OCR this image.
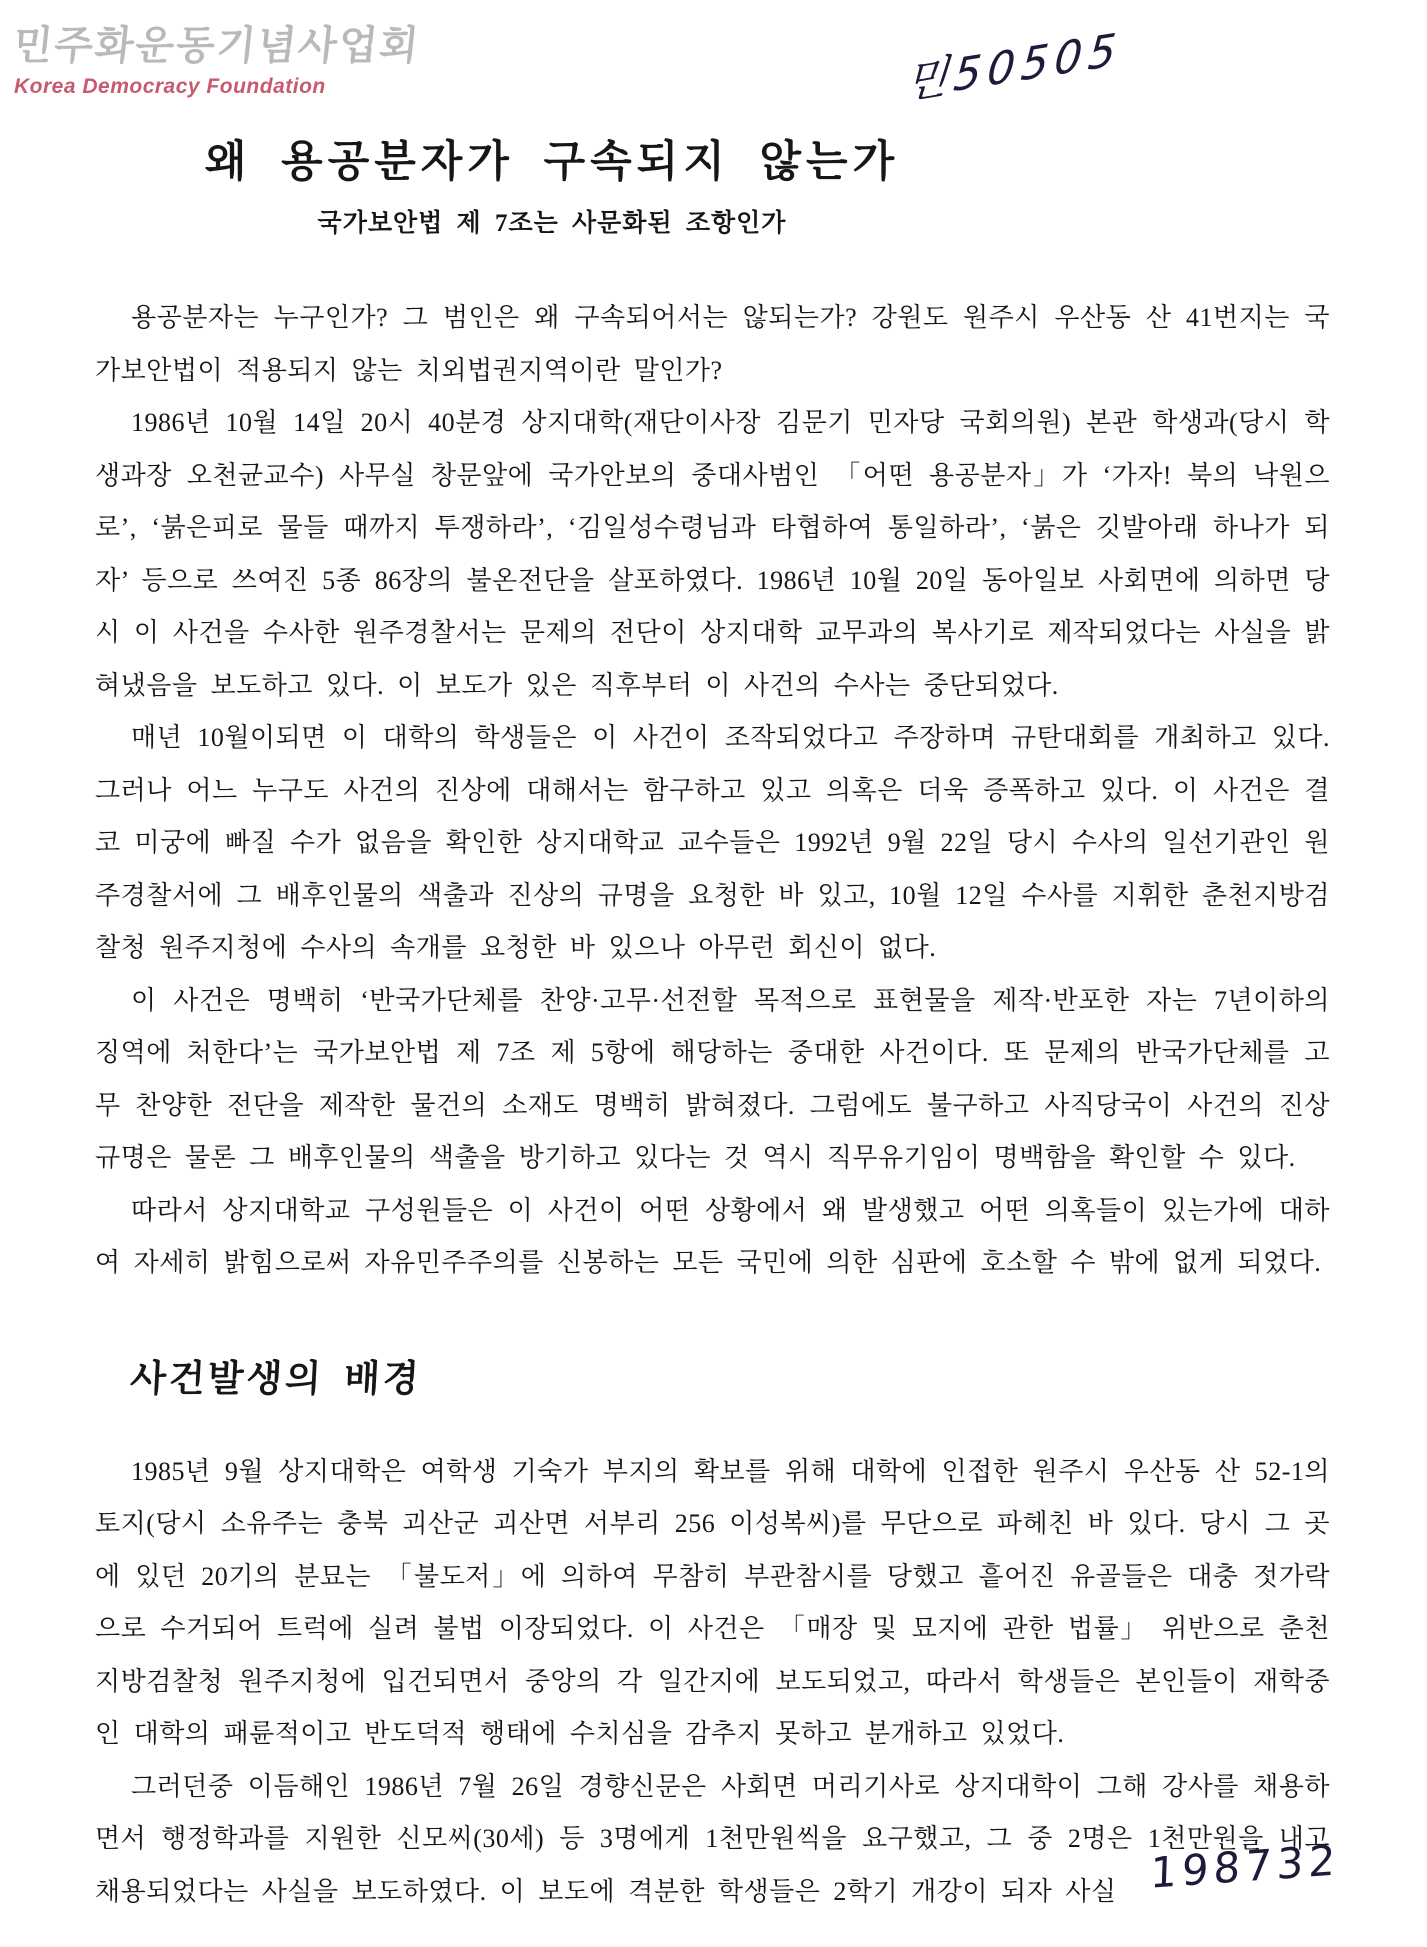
민주화운동기념사업회
Korea Democracy Foundation	민50505
왜 용공분자가 구속되지 않는가
국가보안법 제 7조는 사문화된 조항인가

용공분자는 누구인가? 그 범인은 왜 구속되어서는 않되는가? 강원도 원주시 우산동 산 41번지는 국가보안법이 적용되지 않는 치외법권지역이란 말인가?

1986년 10월 14일 20시 40분경 상지대학(재단이사장 김문기 민자당 국회의원) 본관 학생과(당시 학생과장 오천균교수) 사무실 창문앞에 국가안보의 중대사범인 「어떤 용공분자」가 ‘가자! 북의 낙원으로’, ‘붉은피로 물들 때까지 투쟁하라’, ‘김일성수령님과 타협하여 통일하라’, ‘붉은 깃발아래 하나가 되자’ 등으로 쓰여진 5종 86장의 불온전단을 살포하였다. 1986년 10월 20일 동아일보 사회면에 의하면 당시 이 사건을 수사한 원주경찰서는 문제의 전단이 상지대학 교무과의 복사기로 제작되었다는 사실을 밝혀냈음을 보도하고 있다. 이 보도가 있은 직후부터 이 사건의 수사는 중단되었다.

매년 10월이되면 이 대학의 학생들은 이 사건이 조작되었다고 주장하며 규탄대회를 개최하고 있다. 그러나 어느 누구도 사건의 진상에 대해서는 함구하고 있고 의혹은 더욱 증폭하고 있다. 이 사건은 결코 미궁에 빠질 수가 없음을 확인한 상지대학교 교수들은 1992년 9월 22일 당시 수사의 일선기관인 원주경찰서에 그 배후인물의 색출과 진상의 규명을 요청한 바 있고, 10월 12일 수사를 지휘한 춘천지방검찰청 원주지청에 수사의 속개를 요청한 바 있으나 아무런 회신이 없다.

이 사건은 명백히 ‘반국가단체를 찬양·고무·선전할 목적으로 표현물을 제작·반포한 자는 7년이하의 징역에 처한다’는 국가보안법 제 7조 제 5항에 해당하는 중대한 사건이다. 또 문제의 반국가단체를 고무 찬양한 전단을 제작한 물건의 소재도 명백히 밝혀졌다. 그럼에도 불구하고 사직당국이 사건의 진상규명은 물론 그 배후인물의 색출을 방기하고 있다는 것 역시 직무유기임이 명백함을 확인할 수 있다.

따라서 상지대학교 구성원들은 이 사건이 어떤 상황에서 왜 발생했고 어떤 의혹들이 있는가에 대하여 자세히 밝힘으로써 자유민주주의를 신봉하는 모든 국민에 의한 심판에 호소할 수 밖에 없게 되었다.

사건발생의 배경

1985년 9월 상지대학은 여학생 기숙가 부지의 확보를 위해 대학에 인접한 원주시 우산동 산 52-1의 토지(당시 소유주는 충북 괴산군 괴산면 서부리 256 이성복씨)를 무단으로 파헤친 바 있다. 당시 그 곳에 있던 20기의 분묘는 「불도저」에 의하여 무참히 부관참시를 당했고 흩어진 유골들은 대충 젓가락으로 수거되어 트럭에 실려 불법 이장되었다. 이 사건은 「매장 및 묘지에 관한 법률」 위반으로 춘천지방검찰청 원주지청에 입건되면서 중앙의 각 일간지에 보도되었고, 따라서 학생들은 본인들이 재학중인 대학의 패륜적이고 반도덕적 행태에 수치심을 감추지 못하고 분개하고 있었다.

그러던중 이듬해인 1986년 7월 26일 경향신문은 사회면 머리기사로 상지대학이 그해 강사를 채용하면서 행정학과를 지원한 신모씨(30세) 등 3명에게 1천만원씩을 요구했고, 그 중 2명은 1천만원을 내고 채용되었다는 사실을 보도하였다. 이 보도에 격분한 학생들은 2학기 개강이 되자 사실 198732
